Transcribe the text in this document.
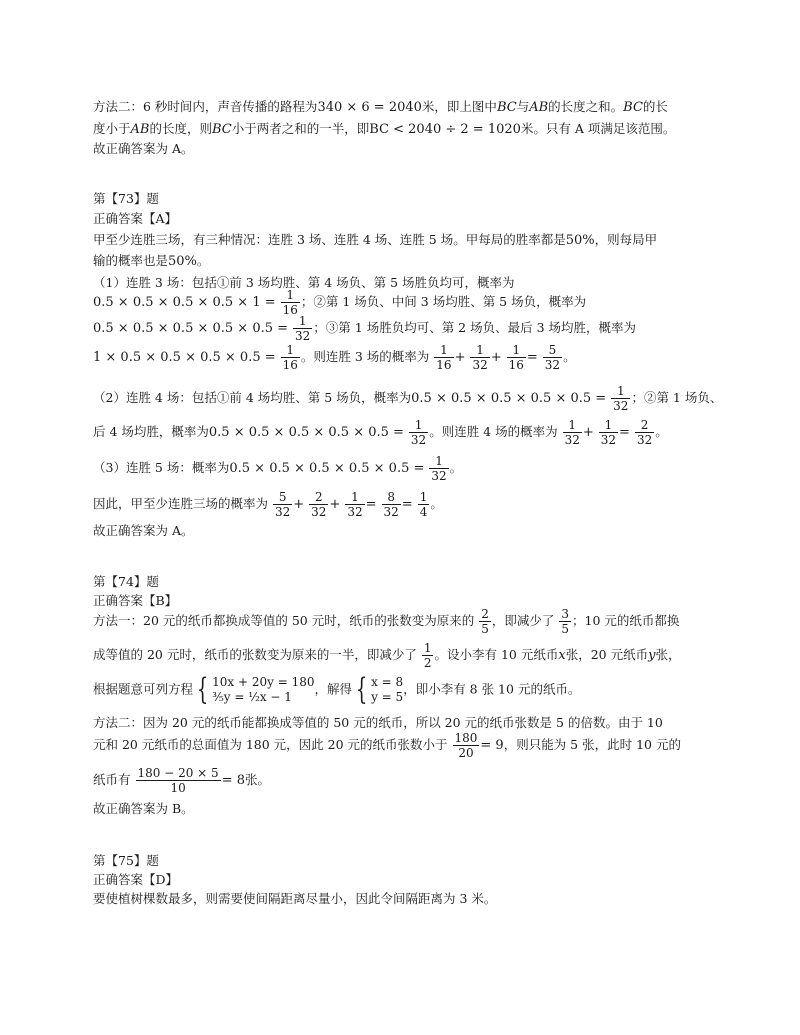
方法二：6 秒时间内，声音传播的路程为340 × 6 = 2040米，即上图中BC与AB的长度之和。BC的长
度小于AB的长度，则BC小于两者之和的一半，即BC < 2040 ÷ 2 = 1020米。只有 A 项满足该范围。
故正确答案为 A。
第【73】题
正确答案【A】
甲至少连胜三场，有三种情况：连胜 3 场、连胜 4 场、连胜 5 场。甲每局的胜率都是50%，则每局甲
输的概率也是50%。
（1）连胜 3 场：包括①前 3 场均胜、第 4 场负、第 5 场胜负均可，概率为
$0.5 \times 0.5 \times 0.5 \times 0.5 \times 1 = \frac{1}{16}$ ；②第 1 场负、中间 3 场均胜、第 5 场负，概率为
$0.5 \times 0.5 \times 0.5 \times 0.5 \times 0.5 = \frac{1}{32}$ ；③第 1 场胜负均可、第 2 场负、最后 3 场均胜，概率为
$1 \times 0.5 \times 0.5 \times 0.5 \times 0.5 = \frac{1}{16}$ 。则连胜 3 场的概率为 $\frac{1}{16} + \frac{1}{32} + \frac{1}{16} = \frac{5}{32}$ 。
（2）连胜 4 场：包括①前 4 场均胜、第 5 场负，概率为$0.5 \times 0.5 \times 0.5 \times 0.5 \times 0.5 = \frac{1}{32}$ ；②第 1 场负、
后 4 场均胜，概率为$0.5 \times 0.5 \times 0.5 \times 0.5 \times 0.5 = \frac{1}{32}$ 。则连胜 4 场的概率为 $\frac{1}{32} + \frac{1}{32} = \frac{2}{32}$ 。
（3）连胜 5 场：概率为$0.5 \times 0.5 \times 0.5 \times 0.5 \times 0.5 = \frac{1}{32}$ 。
因此，甲至少连胜三场的概率为 $\frac{5}{32} + \frac{2}{32} + \frac{1}{32} = \frac{8}{32} = \frac{1}{4}$ 。
故正确答案为 A。
第【74】题
正确答案【B】
方法一：20 元的纸币都换成等值的 50 元时，纸币的张数变为原来的 $\frac{2}{5}$ ，即减少了 $\frac{3}{5}$ ；10 元的纸币都换
成等值的 20 元时，纸币的张数变为原来的一半，即减少了 $\frac{1}{2}$ 。设小李有 10 元纸币x张，20 元纸币y张，
根据题意可列方程 { 10x + 20y = 180
⅗y = ½x − 1
，解得 { x = 8
y = 5
，即小李有 8 张 10 元的纸币。
方法二：因为 20 元的纸币能都换成等值的 50 元的纸币，所以 20 元的纸币张数是 5 的倍数。由于 10
元和 20 元纸币的总面值为 180 元，因此 20 元的纸币张数小于 $\frac{180}{20} = 9$，则只能为 5 张，此时 10 元的
纸币有 $\frac{180 - 20 \times 5}{10} = 8$张。
故正确答案为 B。
第【75】题
正确答案【D】
要使植树棵数最多，则需要使间隔距离尽量小，因此令间隔距离为 3 米。
